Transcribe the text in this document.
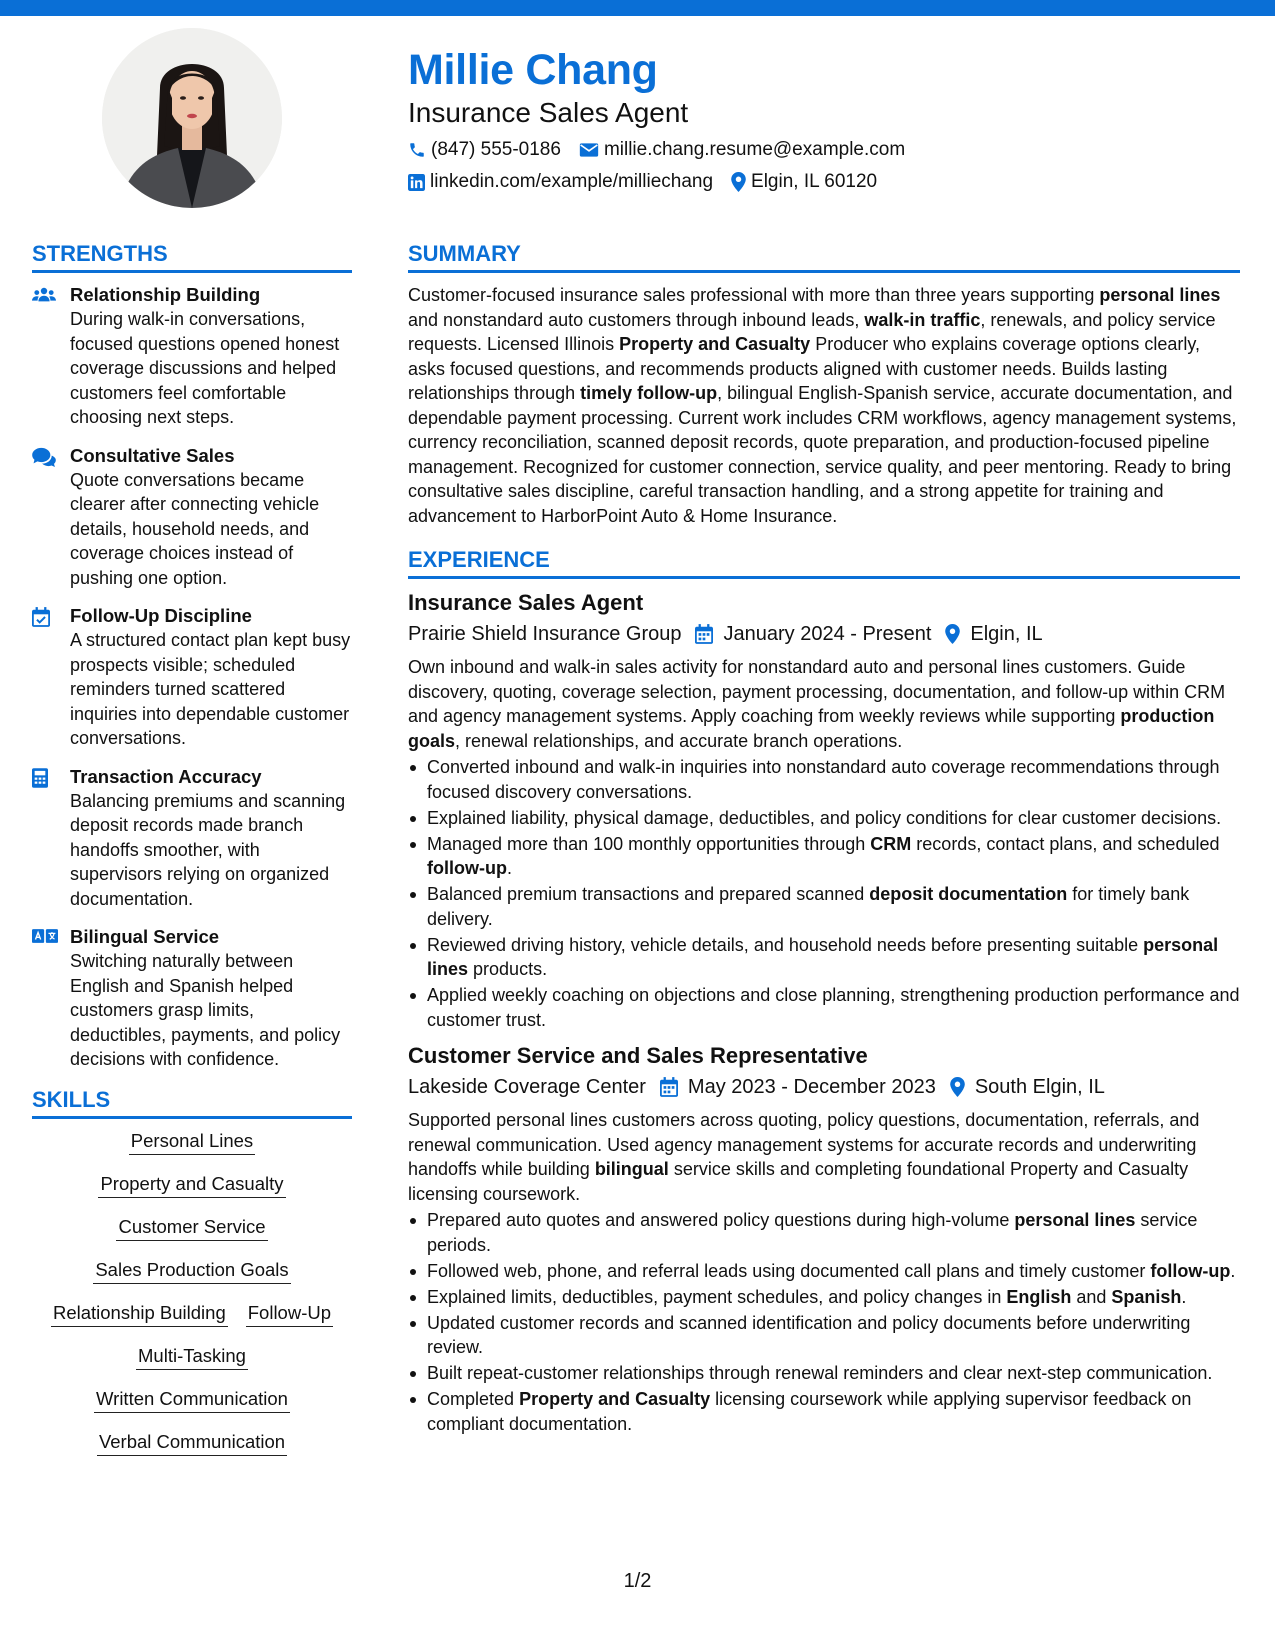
Millie Chang
Insurance Sales Agent
(847) 555-0186 millie.chang.resume@example.com
linkedin.com/example/milliechang Elgin, IL 60120
STRENGTHS
Relationship Building
During walk-in conversations, focused questions opened honest coverage discussions and helped customers feel comfortable choosing next steps.
Consultative Sales
Quote conversations became clearer after connecting vehicle details, household needs, and coverage choices instead of pushing one option.
Follow-Up Discipline
A structured contact plan kept busy prospects visible; scheduled reminders turned scattered inquiries into dependable customer conversations.
Transaction Accuracy
Balancing premiums and scanning deposit records made branch handoffs smoother, with supervisors relying on organized documentation.
Bilingual Service
Switching naturally between English and Spanish helped customers grasp limits, deductibles, payments, and policy decisions with confidence.
SKILLS
Personal Lines
Property and Casualty
Customer Service
Sales Production Goals
Relationship Building Follow-Up
Multi-Tasking
Written Communication
Verbal Communication
SUMMARY
Customer-focused insurance sales professional with more than three years supporting personal lines and nonstandard auto customers through inbound leads, walk-in traffic, renewals, and policy service requests. Licensed Illinois Property and Casualty Producer who explains coverage options clearly, asks focused questions, and recommends products aligned with customer needs. Builds lasting relationships through timely follow-up, bilingual English-Spanish service, accurate documentation, and dependable payment processing. Current work includes CRM workflows, agency management systems, currency reconciliation, scanned deposit records, quote preparation, and production-focused pipeline management. Recognized for customer connection, service quality, and peer mentoring. Ready to bring consultative sales discipline, careful transaction handling, and a strong appetite for training and advancement to HarborPoint Auto & Home Insurance.
EXPERIENCE
Insurance Sales Agent
Prairie Shield Insurance Group January 2024 - Present Elgin, IL
Own inbound and walk-in sales activity for nonstandard auto and personal lines customers. Guide discovery, quoting, coverage selection, payment processing, documentation, and follow-up within CRM and agency management systems. Apply coaching from weekly reviews while supporting production goals, renewal relationships, and accurate branch operations.
Converted inbound and walk-in inquiries into nonstandard auto coverage recommendations through focused discovery conversations.
Explained liability, physical damage, deductibles, and policy conditions for clear customer decisions.
Managed more than 100 monthly opportunities through CRM records, contact plans, and scheduled follow-up.
Balanced premium transactions and prepared scanned deposit documentation for timely bank delivery.
Reviewed driving history, vehicle details, and household needs before presenting suitable personal lines products.
Applied weekly coaching on objections and close planning, strengthening production performance and customer trust.
Customer Service and Sales Representative
Lakeside Coverage Center May 2023 - December 2023 South Elgin, IL
Supported personal lines customers across quoting, policy questions, documentation, referrals, and renewal communication. Used agency management systems for accurate records and underwriting handoffs while building bilingual service skills and completing foundational Property and Casualty licensing coursework.
Prepared auto quotes and answered policy questions during high-volume personal lines service periods.
Followed web, phone, and referral leads using documented call plans and timely customer follow-up.
Explained limits, deductibles, payment schedules, and policy changes in English and Spanish.
Updated customer records and scanned identification and policy documents before underwriting review.
Built repeat-customer relationships through renewal reminders and clear next-step communication.
Completed Property and Casualty licensing coursework while applying supervisor feedback on compliant documentation.
1/2
